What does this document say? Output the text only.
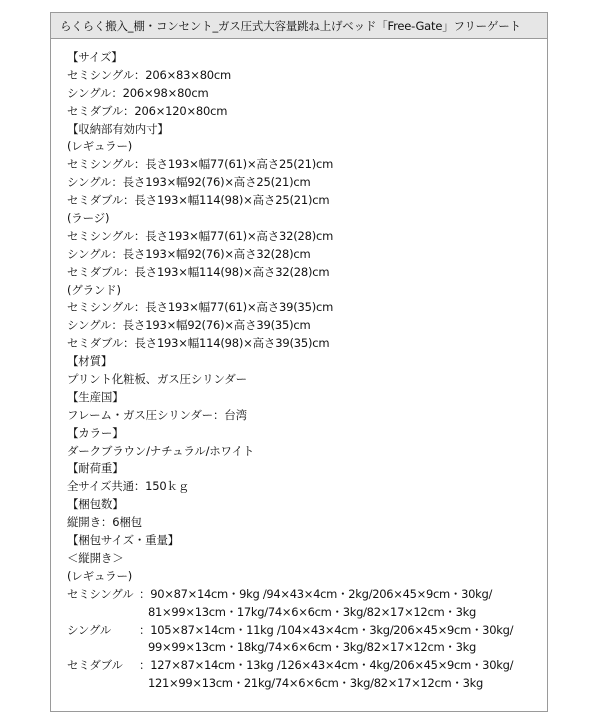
らくらく搬入_棚・コンセント_ガス圧式大容量跳ね上げベッド「Free-Gate」フリーゲート
【サイズ】
セミシングル：206×83×80cm
シングル：206×98×80cm
セミダブル：206×120×80cm
【収納部有効内寸】
(レギュラー)
セミシングル：長さ193×幅77(61)×高さ25(21)cm
シングル：長さ193×幅92(76)×高さ25(21)cm
セミダブル：長さ193×幅114(98)×高さ25(21)cm
(ラージ)
セミシングル：長さ193×幅77(61)×高さ32(28)cm
シングル：長さ193×幅92(76)×高さ32(28)cm
セミダブル：長さ193×幅114(98)×高さ32(28)cm
(グランド)
セミシングル：長さ193×幅77(61)×高さ39(35)cm
シングル：長さ193×幅92(76)×高さ39(35)cm
セミダブル：長さ193×幅114(98)×高さ39(35)cm
【材質】
プリント化粧板、ガス圧シリンダー
【生産国】
フレーム・ガス圧シリンダー：台湾
【カラー】
ダークブラウン/ナチュラル/ホワイト
【耐荷重】
全サイズ共通：150ｋｇ
【梱包数】
縦開き：6梱包
【梱包サイズ・重量】
＜縦開き＞
(レギュラー)
セミシングル ：90×87×14cm・9kg /94×43×4cm・2kg/206×45×9cm・30kg/
81×99×13cm・17kg/74×6×6cm・3kg/82×17×12cm・3kg
シングル	：105×87×14cm・11kg /104×43×4cm・3kg/206×45×9cm・30kg/
99×99×13cm・18kg/74×6×6cm・3kg/82×17×12cm・3kg
セミダブル	：127×87×14cm・13kg /126×43×4cm・4kg/206×45×9cm・30kg/
121×99×13cm・21kg/74×6×6cm・3kg/82×17×12cm・3kg
